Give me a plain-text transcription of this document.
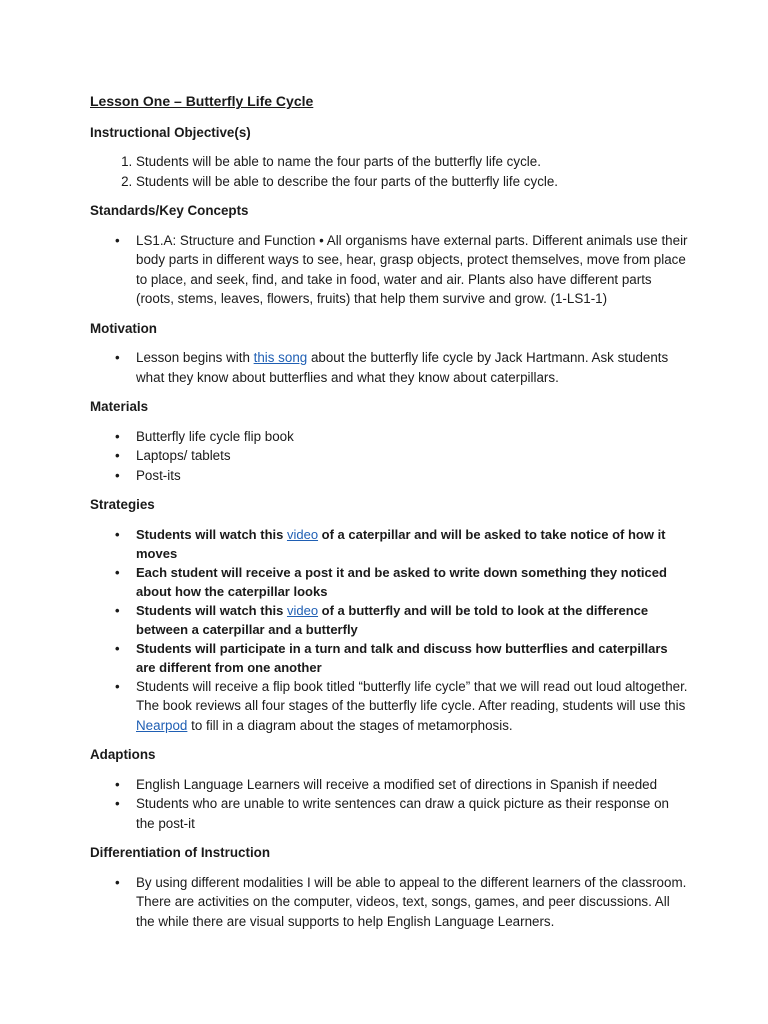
Lesson One – Butterfly Life Cycle
Instructional Objective(s)
1. Students will be able to name the four parts of the butterfly life cycle.
2. Students will be able to describe the four parts of the butterfly life cycle.
Standards/Key Concepts
• LS1.A: Structure and Function • All organisms have external parts. Different animals use their body parts in different ways to see, hear, grasp objects, protect themselves, move from place to place, and seek, find, and take in food, water and air. Plants also have different parts (roots, stems, leaves, flowers, fruits) that help them survive and grow. (1-LS1-1)
Motivation
• Lesson begins with this song about the butterfly life cycle by Jack Hartmann. Ask students what they know about butterflies and what they know about caterpillars.
Materials
• Butterfly life cycle flip book
• Laptops/ tablets
• Post-its
Strategies
• Students will watch this video of a caterpillar and will be asked to take notice of how it moves
• Each student will receive a post it and be asked to write down something they noticed about how the caterpillar looks
• Students will watch this video of a butterfly and will be told to look at the difference between a caterpillar and a butterfly
• Students will participate in a turn and talk and discuss how butterflies and caterpillars are different from one another
• Students will receive a flip book titled “butterfly life cycle” that we will read out loud altogether. The book reviews all four stages of the butterfly life cycle. After reading, students will use this Nearpod to fill in a diagram about the stages of metamorphosis.
Adaptions
• English Language Learners will receive a modified set of directions in Spanish if needed
• Students who are unable to write sentences can draw a quick picture as their response on the post-it
Differentiation of Instruction
• By using different modalities I will be able to appeal to the different learners of the classroom. There are activities on the computer, videos, text, songs, games, and peer discussions. All the while there are visual supports to help English Language Learners.
